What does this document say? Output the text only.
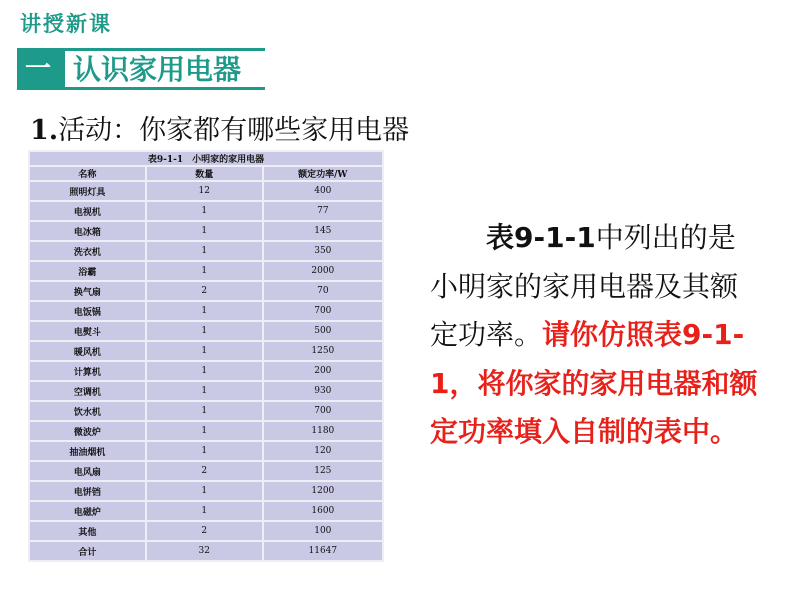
讲授新课
一 认识家用电器
1.活动：你家都有哪些家用电器
表9-1-1　小明家的家用电器		
名称	数量	额定功率/W
照明灯具	12	400
电视机	1	77
电冰箱	1	145
洗衣机	1	350
浴霸	1	2000
换气扇	2	70
电饭锅	1	700
电熨斗	1	500
暖风机	1	1250
计算机	1	200
空调机	1	930
饮水机	1	700
微波炉	1	1180
抽油烟机	1	120
电风扇	2	125
电饼铛	1	1200
电磁炉	1	1600
其他	2	100
合计	32	11647
表9-1-1中列出的是小明家的家用电器及其额定功率。请你仿照表9-1-1，将你家的家用电器和额定功率填入自制的表中。
